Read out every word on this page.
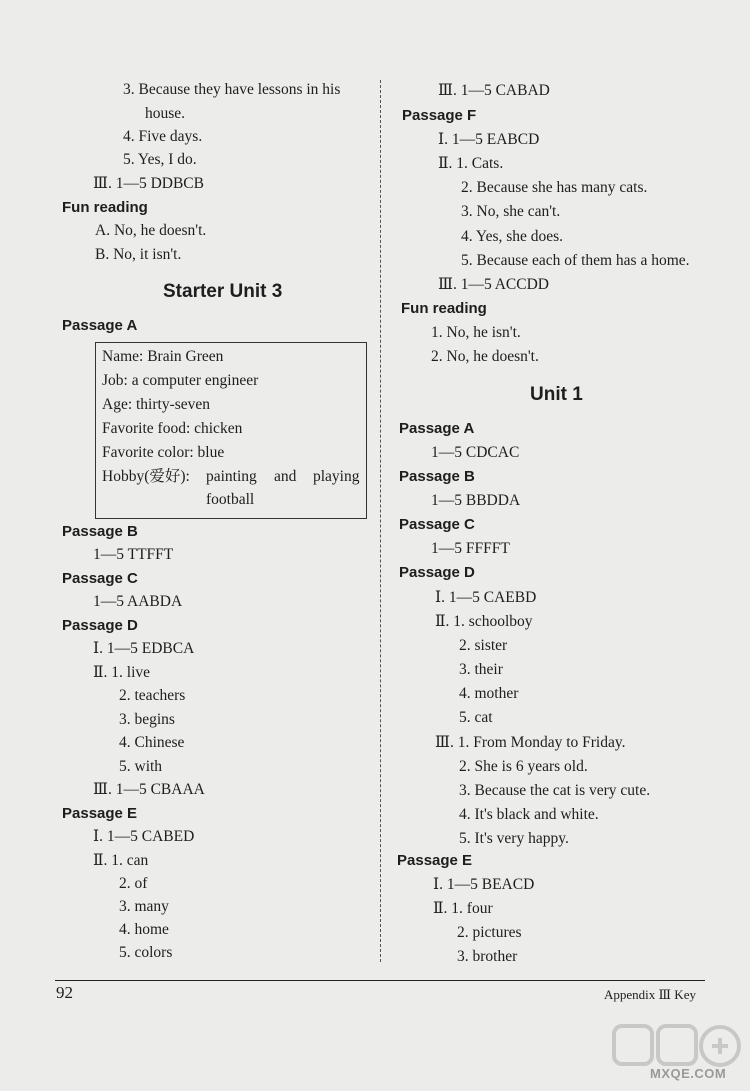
3. Because they have lessons in his
house.
4. Five days.
5. Yes, I do.
Ⅲ. 1—5 DDBCB
Fun reading
A. No, he doesn't.
B. No, it isn't.
Starter Unit 3
Passage A
Name: Brain Green
Job: a computer engineer
Age: thirty-seven
Favorite food: chicken
Favorite color: blue
Hobby(爱好): painting and playing
football
Passage B
1—5 TTFFT
Passage C
1—5 AABDA
Passage D
Ⅰ. 1—5 EDBCA
Ⅱ. 1. live
2. teachers
3. begins
4. Chinese
5. with
Ⅲ. 1—5 CBAAA
Passage E
Ⅰ. 1—5 CABED
Ⅱ. 1. can
2. of
3. many
4. home
5. colors
Ⅲ. 1—5 CABAD
Passage F
Ⅰ. 1—5 EABCD
Ⅱ. 1. Cats.
2. Because she has many cats.
3. No, she can't.
4. Yes, she does.
5. Because each of them has a home.
Ⅲ. 1—5 ACCDD
Fun reading
1. No, he isn't.
2. No, he doesn't.
Unit 1
Passage A
1—5 CDCAC
Passage B
1—5 BBDDA
Passage C
1—5 FFFFT
Passage D
Ⅰ. 1—5 CAEBD
Ⅱ. 1. schoolboy
2. sister
3. their
4. mother
5. cat
Ⅲ. 1. From Monday to Friday.
2. She is 6 years old.
3. Because the cat is very cute.
4. It's black and white.
5. It's very happy.
Passage E
Ⅰ. 1—5 BEACD
Ⅱ. 1. four
2. pictures
3. brother
92	Appendix Ⅲ Key
MXQE.COM
